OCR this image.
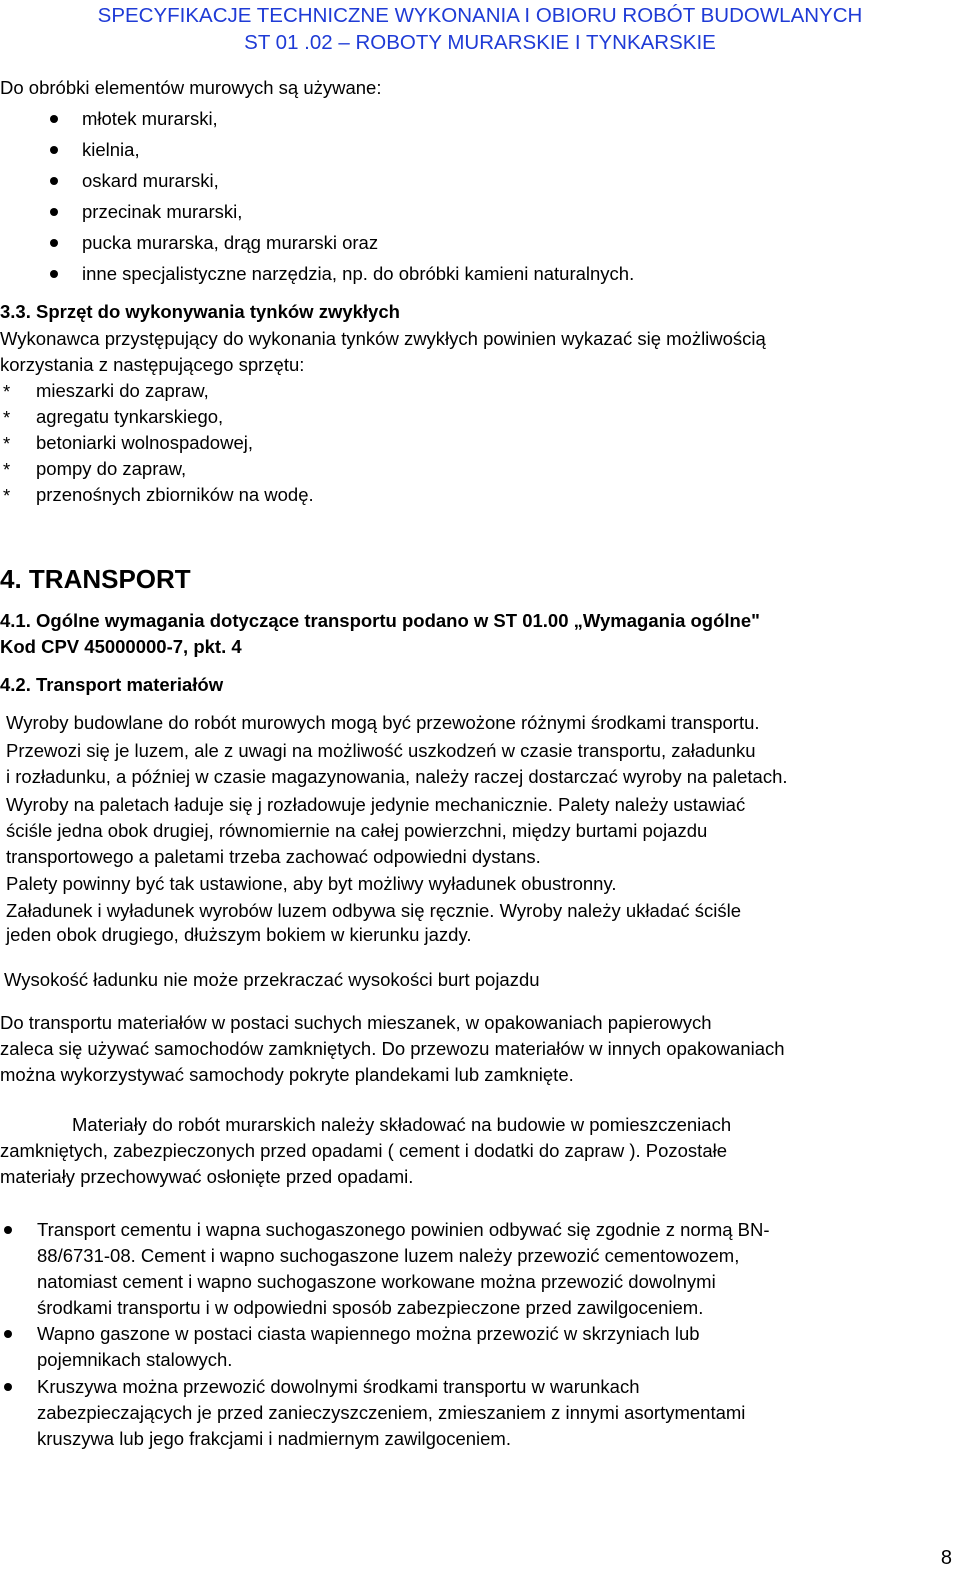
SPECYFIKACJE TECHNICZNE WYKONANIA I OBIORU ROBÓT BUDOWLANYCH
ST 01 .02 – ROBOTY MURARSKIE I TYNKARSKIE
Do obróbki elementów murowych są używane:
młotek murarski,
kielnia,
oskard murarski,
przecinak murarski,
pucka murarska, drąg murarski oraz
inne specjalistyczne narzędzia, np. do obróbki kamieni naturalnych.
3.3. Sprzęt do wykonywania tynków zwykłych
Wykonawca przystępujący do wykonania tynków zwykłych powinien wykazać się możliwością
korzystania z następującego sprzętu:
* mieszarki do zapraw,
* agregatu tynkarskiego,
* betoniarki wolnospadowej,
* pompy do zapraw,
* przenośnych zbiorników na wodę.
4. TRANSPORT
4.1. Ogólne wymagania dotyczące transportu podano w ST 01.00 „Wymagania ogólne"
Kod CPV 45000000-7, pkt. 4
4.2. Transport materiałów
Wyroby budowlane do robót murowych mogą być przewożone różnymi środkami transportu.
Przewozi się je luzem, ale z uwagi na możliwość uszkodzeń w czasie transportu, załadunku
i rozładunku, a później w czasie magazynowania, należy raczej dostarczać wyroby na paletach.
Wyroby na paletach ładuje się j rozładowuje jedynie mechanicznie. Palety należy ustawiać
ściśle jedna obok drugiej, równomiernie na całej powierzchni, między burtami pojazdu
transportowego a paletami trzeba zachować odpowiedni dystans.
Palety powinny być tak ustawione, aby byt możliwy wyładunek obustronny.
Załadunek i wyładunek wyrobów luzem odbywa się ręcznie. Wyroby należy układać ściśle
jeden obok drugiego, dłuższym bokiem w kierunku jazdy.
Wysokość ładunku nie może przekraczać wysokości burt pojazdu
Do transportu materiałów w postaci suchych mieszanek, w opakowaniach papierowych
zaleca się używać samochodów zamkniętych. Do przewozu materiałów w innych opakowaniach
można wykorzystywać samochody pokryte plandekami lub zamknięte.
Materiały do robót murarskich należy składować na budowie w pomieszczeniach
zamkniętych, zabezpieczonych przed opadami ( cement i dodatki do zapraw ). Pozostałe
materiały przechowywać osłonięte przed opadami.
Transport cementu i wapna suchogaszonego powinien odbywać się zgodnie z normą BN-
88/6731-08. Cement i wapno suchogaszone luzem należy przewozić cementowozem,
natomiast cement i wapno suchogaszone workowane można przewozić dowolnymi
środkami transportu i w odpowiedni sposób zabezpieczone przed zawilgoceniem.
Wapno gaszone w postaci ciasta wapiennego można przewozić w skrzyniach lub
pojemnikach stalowych.
Kruszywa można przewozić dowolnymi środkami transportu w warunkach
zabezpieczających je przed zanieczyszczeniem, zmieszaniem z innymi asortymentami
kruszywa lub jego frakcjami i nadmiernym zawilgoceniem.
8
